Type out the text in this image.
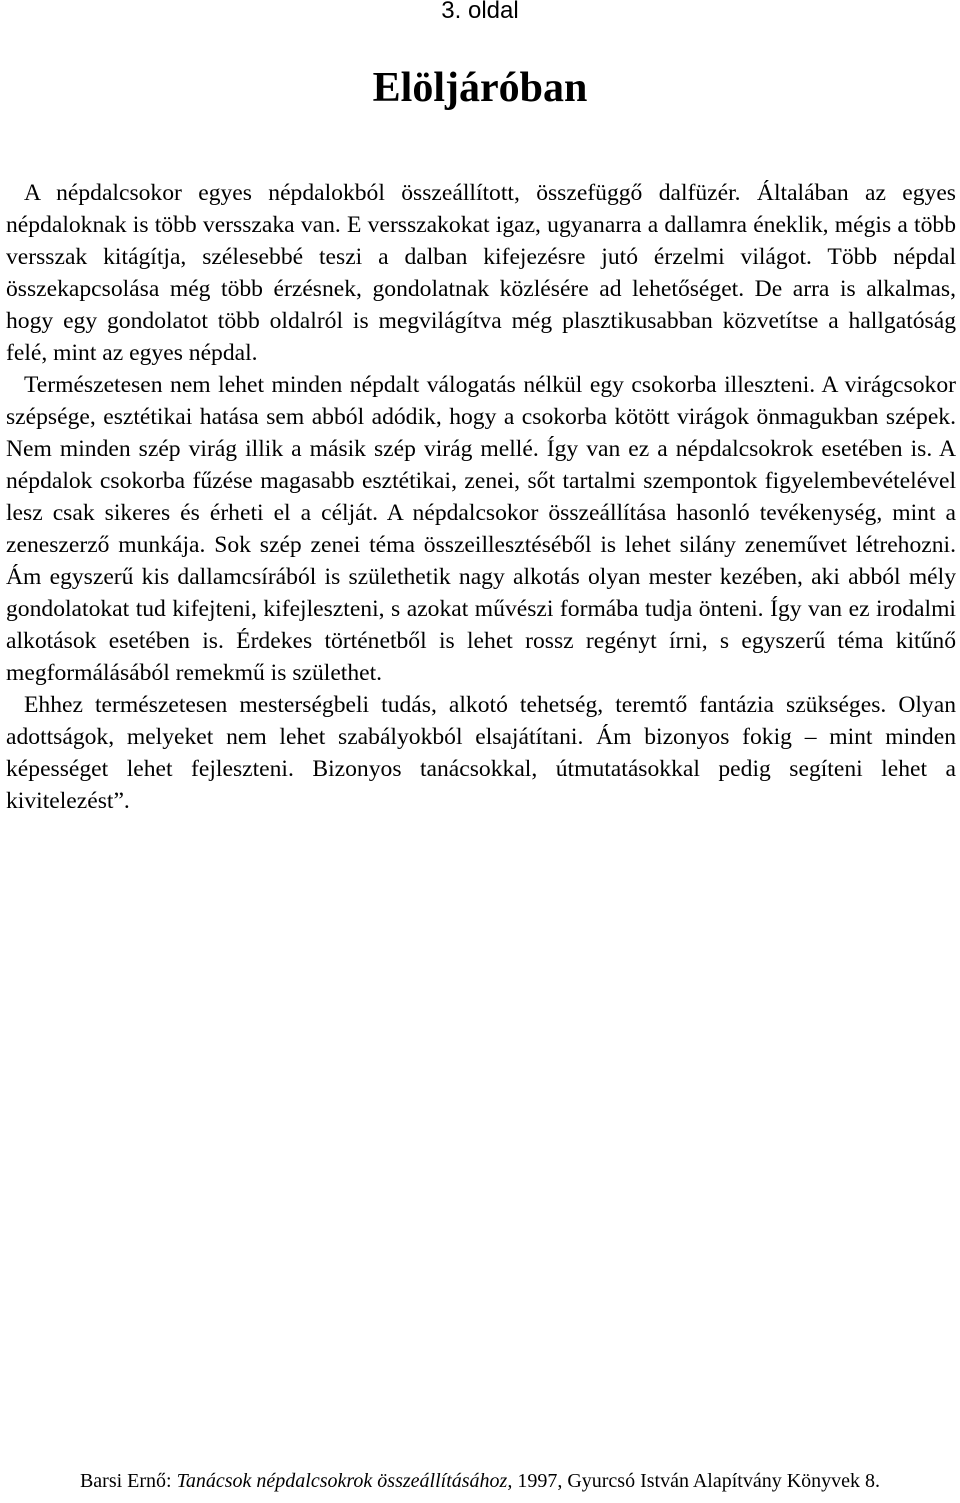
3. oldal
Elöljáróban

A népdalcsokor egyes népdalokból összeállított, összefüggő dalfüzér. Általában az egyes népdaloknak is több versszaka van. E versszakokat igaz, ugyanarra a dallamra éneklik, mégis a több versszak kitágítja, szélesebbé teszi a dalban kifejezésre jutó érzelmi világot. Több népdal összekapcsolása még több érzésnek, gondolatnak közlésére ad lehetőséget. De arra is alkalmas, hogy egy gondolatot több oldalról is megvilágítva még plasztikusabban közvetítse a hallgatóság felé, mint az egyes népdal.

Természetesen nem lehet minden népdalt válogatás nélkül egy csokorba illeszteni. A virágcsokor szépsége, esztétikai hatása sem abból adódik, hogy a csokorba kötött virágok önmagukban szépek. Nem minden szép virág illik a másik szép virág mellé. Így van ez a népdalcsokrok esetében is. A népdalok csokorba fűzése magasabb esztétikai, zenei, sőt tartalmi szempontok figyelembevételével lesz csak sikeres és érheti el a célját. A népdalcsokor összeállítása hasonló tevékenység, mint a zeneszerző munkája. Sok szép zenei téma összeillesztéséből is lehet silány zeneművet létrehozni. Ám egyszerű kis dallamcsírából is születhetik nagy alkotás olyan mester kezében, aki abból mély gondolatokat tud kifejteni, kifejleszteni, s azokat művészi formába tudja önteni. Így van ez irodalmi alkotások esetében is. Érdekes történetből is lehet rossz regényt írni, s egyszerű téma kitűnő megformálásából remekmű is születhet.

Ehhez természetesen mesterségbeli tudás, alkotó tehetség, teremtő fantázia szükséges. Olyan adottságok, melyeket nem lehet szabályokból elsajátítani. Ám bizonyos fokig – mint minden képességet lehet fejleszteni. Bizonyos tanácsokkal, útmutatásokkal pedig segíteni lehet a kivitelezést”.

Barsi Ernő: Tanácsok népdalcsokrok összeállításához, 1997, Gyurcsó István Alapítvány Könyvek 8.
